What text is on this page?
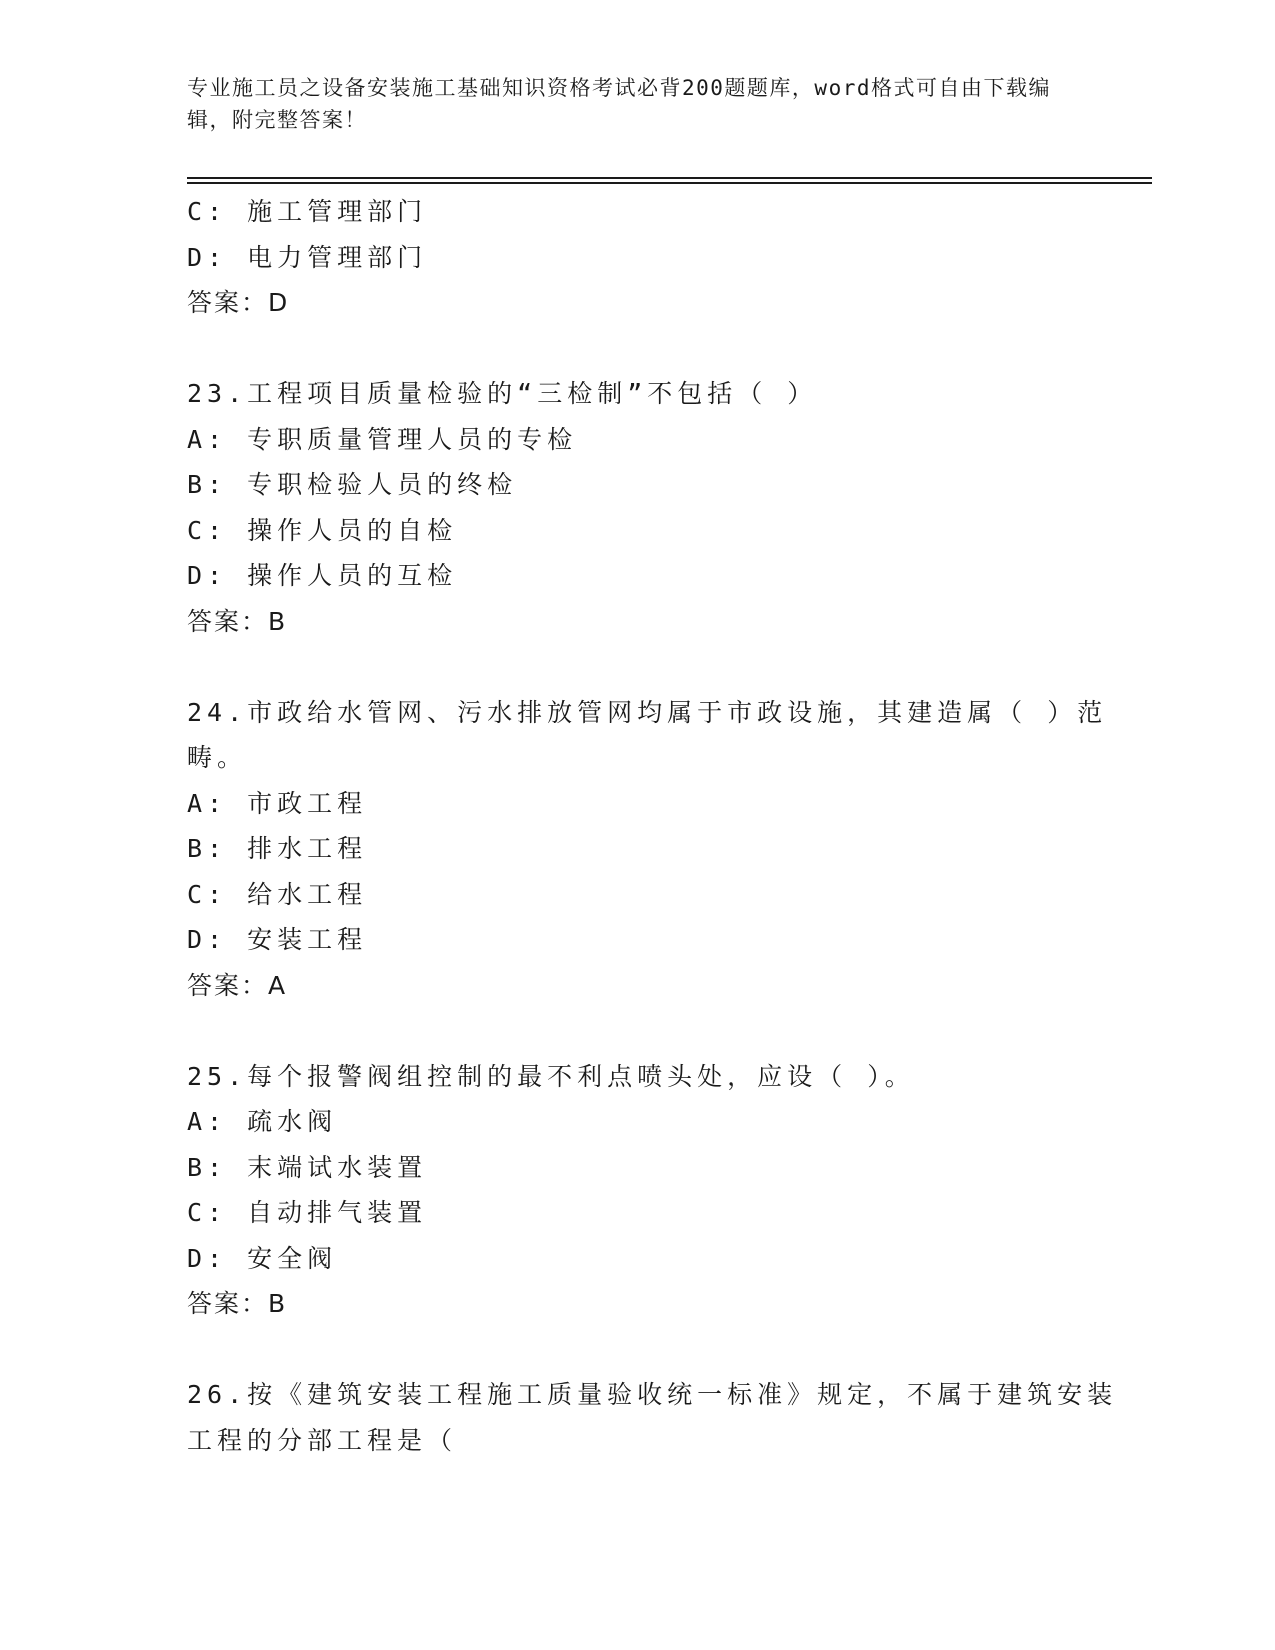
专业施工员之设备安装施工基础知识资格考试必背200题题库，word格式可自由下载编辑，附完整答案！
C: 施工管理部门
D: 电力管理部门
答案：D
23.工程项目质量检验的“三检制”不包括（ ）
A: 专职质量管理人员的专检
B: 专职检验人员的终检
C: 操作人员的自检
D: 操作人员的互检
答案：B
24.市政给水管网、污水排放管网均属于市政设施，其建造属（ ）范
畴。
A: 市政工程
B: 排水工程
C: 给水工程
D: 安装工程
答案：A
25.每个报警阀组控制的最不利点喷头处，应设（ ）。
A: 疏水阀
B: 末端试水装置
C: 自动排气装置
D: 安全阀
答案：B
26.按《建筑安装工程施工质量验收统一标准》规定，不属于建筑安装
工程的分部工程是（
